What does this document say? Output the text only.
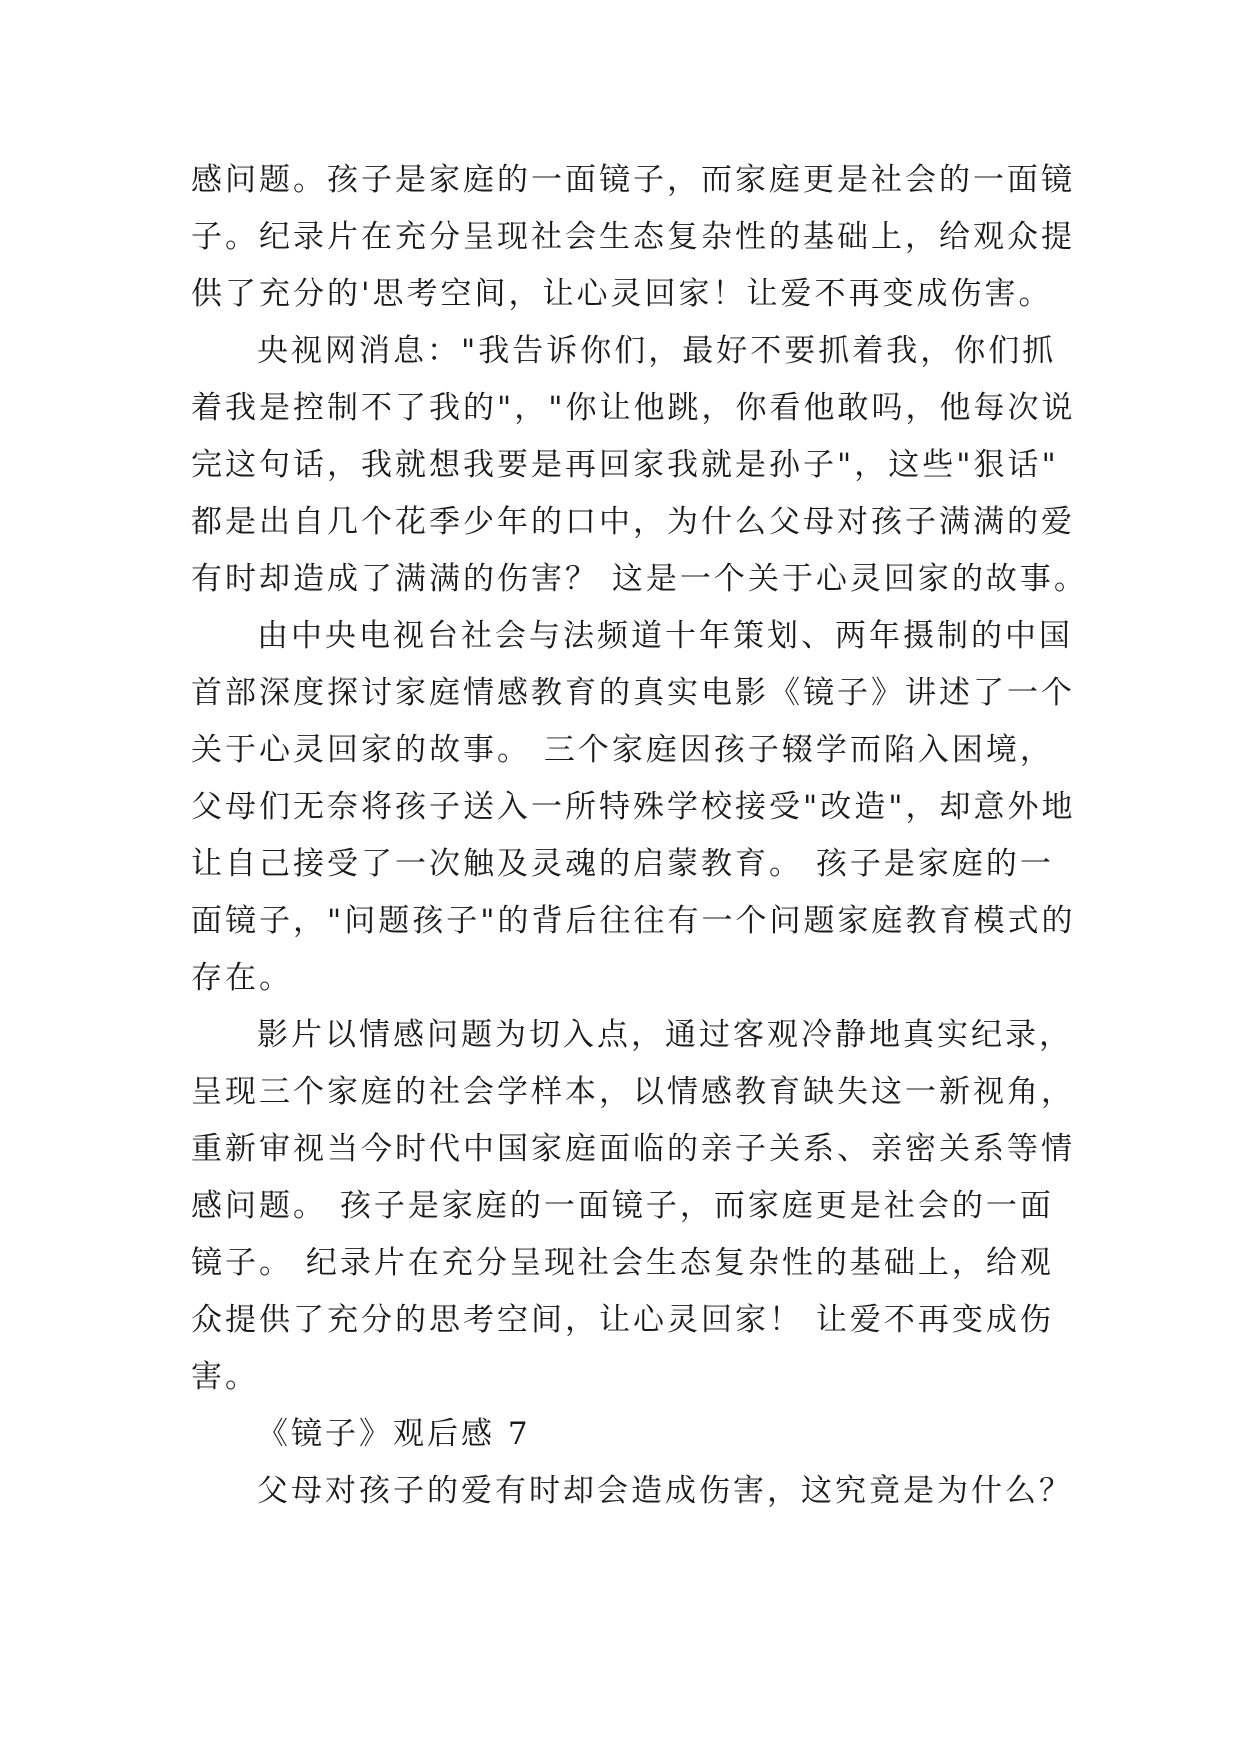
感问题。孩子是家庭的一面镜子，而家庭更是社会的一面镜
子。纪录片在充分呈现社会生态复杂性的基础上，给观众提
供了充分的'思考空间，让心灵回家！让爱不再变成伤害。
央视网消息："我告诉你们，最好不要抓着我，你们抓
着我是控制不了我的"，"你让他跳，你看他敢吗，他每次说
完这句话，我就想我要是再回家我就是孙子"，这些"狠话"
都是出自几个花季少年的口中，为什么父母对孩子满满的爱
有时却造成了满满的伤害？ 这是一个关于心灵回家的故事。
由中央电视台社会与法频道十年策划、两年摄制的中国
首部深度探讨家庭情感教育的真实电影《镜子》讲述了一个
关于心灵回家的故事。 三个家庭因孩子辍学而陷入困境，
父母们无奈将孩子送入一所特殊学校接受"改造"，却意外地
让自己接受了一次触及灵魂的启蒙教育。 孩子是家庭的一
面镜子，"问题孩子"的背后往往有一个问题家庭教育模式的
存在。
影片以情感问题为切入点，通过客观冷静地真实纪录，
呈现三个家庭的社会学样本，以情感教育缺失这一新视角，
重新审视当今时代中国家庭面临的亲子关系、亲密关系等情
感问题。 孩子是家庭的一面镜子，而家庭更是社会的一面
镜子。 纪录片在充分呈现社会生态复杂性的基础上，给观
众提供了充分的思考空间，让心灵回家！ 让爱不再变成伤
害。
《镜子》观后感 7
父母对孩子的爱有时却会造成伤害，这究竟是为什么？
